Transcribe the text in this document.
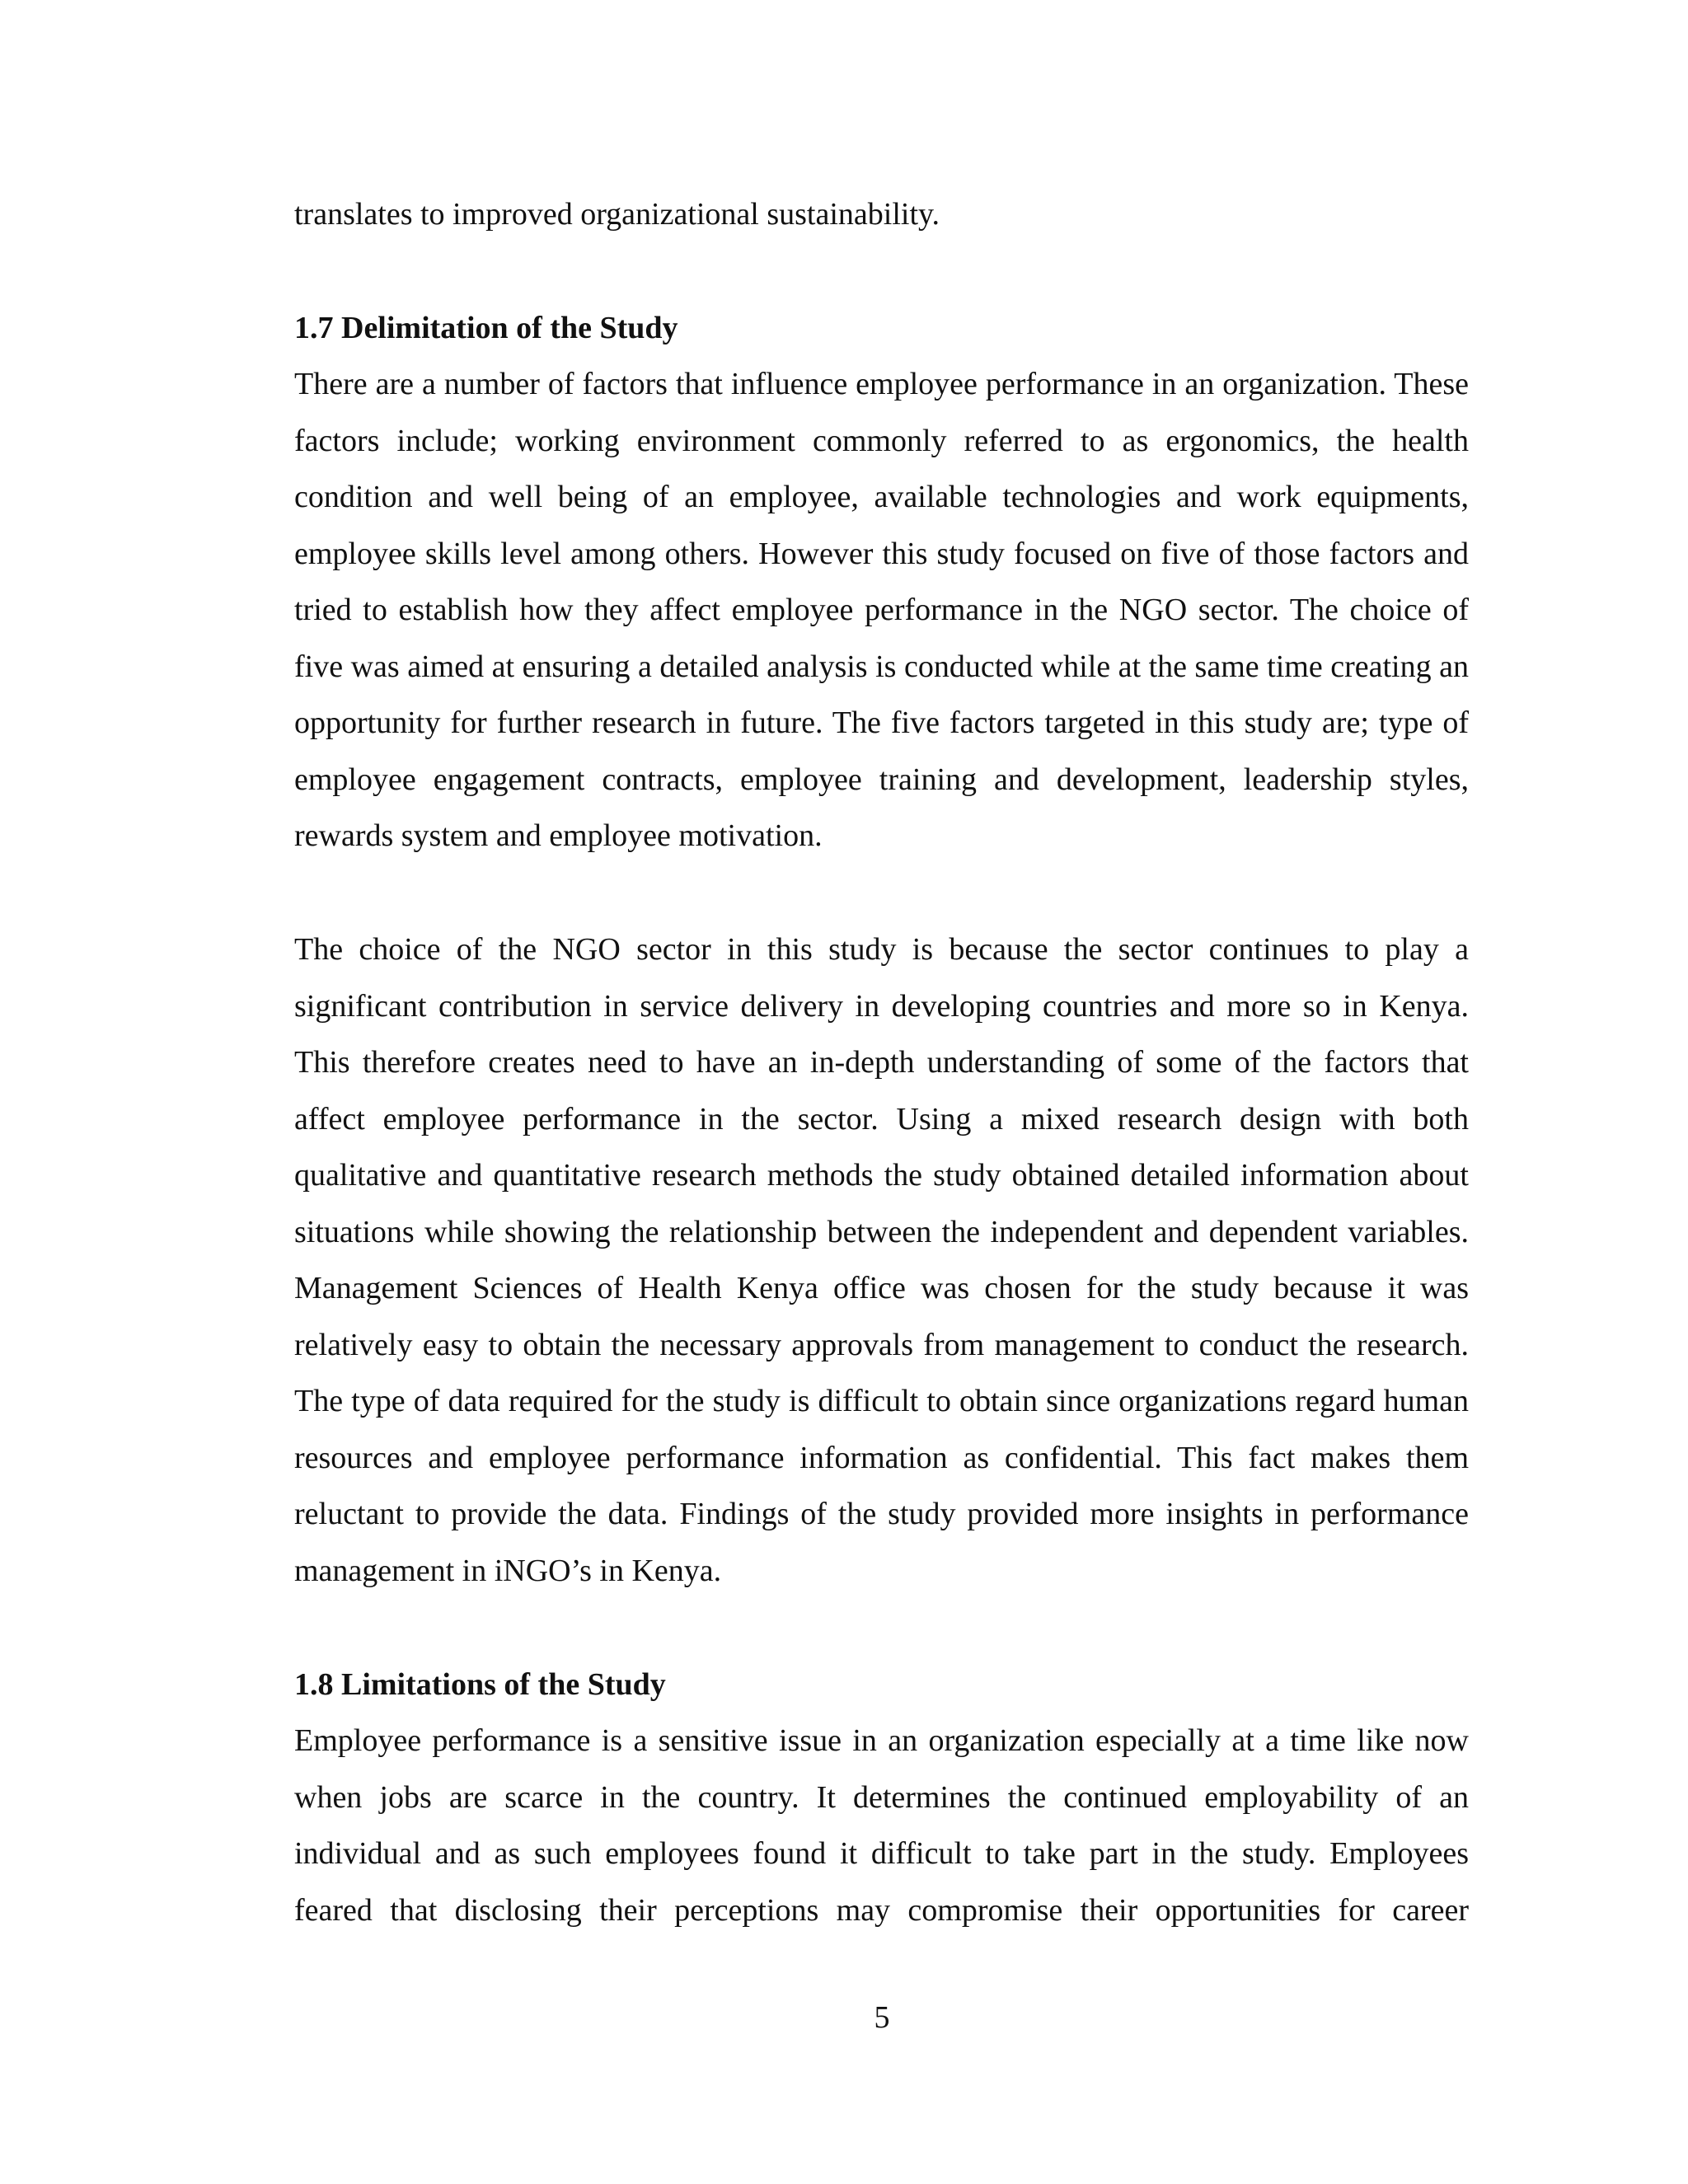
translates to improved organizational sustainability.

1.7 Delimitation of the Study

There are a number of factors that influence employee performance in an organization. These factors include; working environment commonly referred to as ergonomics, the health condition and well being of an employee, available technologies and work equipments, employee skills level among others. However this study focused on five of those factors and tried to establish how they affect employee performance in the NGO sector. The choice of five was aimed at ensuring a detailed analysis is conducted while at the same time creating an opportunity for further research in future. The five factors targeted in this study are; type of employee engagement contracts, employee training and development, leadership styles, rewards system and employee motivation.

The choice of the NGO sector in this study is because the sector continues to play a significant contribution in service delivery in developing countries and more so in Kenya. This therefore creates need to have an in-depth understanding of some of the factors that affect employee performance in the sector. Using a mixed research design with both qualitative and quantitative research methods the study obtained detailed information about situations while showing the relationship between the independent and dependent variables. Management Sciences of Health Kenya office was chosen for the study because it was relatively easy to obtain the necessary approvals from management to conduct the research. The type of data required for the study is difficult to obtain since organizations regard human resources and employee performance information as confidential. This fact makes them reluctant to provide the data. Findings of the study provided more insights in performance management in iNGO’s in Kenya.

1.8 Limitations of the Study

Employee performance is a sensitive issue in an organization especially at a time like now when jobs are scarce in the country. It determines the continued employability of an individual and as such employees found it difficult to take part in the study. Employees feared that disclosing their perceptions may compromise their opportunities for career

5
